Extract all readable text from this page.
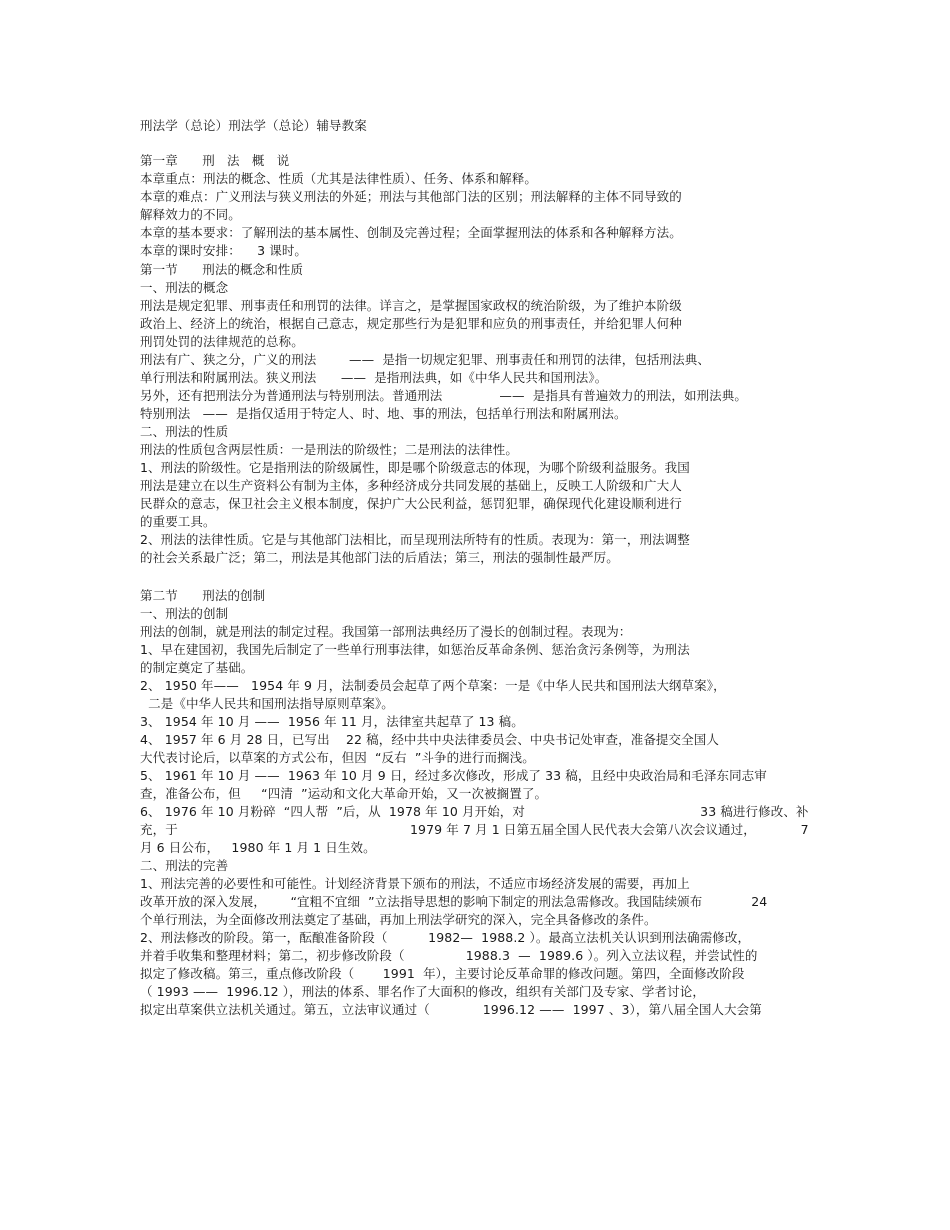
刑法学（总论）刑法学（总论）辅导教案
第一章      刑   法   概   说
本章重点：刑法的概念、性质（尤其是法律性质）、任务、体系和解释。
本章的难点：广义刑法与狭义刑法的外延；刑法与其他部门法的区别；刑法解释的主体不同导致的
解释效力的不同。
本章的基本要求：了解刑法的基本属性、创制及完善过程；全面掌握刑法的体系和各种解释方法。
本章的课时安排：    3 课时。
第一节      刑法的概念和性质
一、刑法的概念
刑法是规定犯罪、刑事责任和刑罚的法律。详言之，是掌握国家政权的统治阶级，为了维护本阶级
政治上、经济上的统治，根据自己意志，规定那些行为是犯罪和应负的刑事责任，并给犯罪人何种
刑罚处罚的法律规范的总称。
刑法有广、狭之分，广义的刑法        ——  是指一切规定犯罪、刑事责任和刑罚的法律，包括刑法典、
单行刑法和附属刑法。狭义刑法      ——  是指刑法典，如《中华人民共和国刑法》。
另外，还有把刑法分为普通刑法与特别刑法。普通刑法              ——  是指具有普遍效力的刑法，如刑法典。
特别刑法   ——  是指仅适用于特定人、时、地、事的刑法，包括单行刑法和附属刑法。
二、刑法的性质
刑法的性质包含两层性质：一是刑法的阶级性；二是刑法的法律性。
1、刑法的阶级性。它是指刑法的阶级属性，即是哪个阶级意志的体现，为哪个阶级利益服务。我国
刑法是建立在以生产资料公有制为主体，多种经济成分共同发展的基础上，反映工人阶级和广大人
民群众的意志，保卫社会主义根本制度，保护广大公民利益，惩罚犯罪，确保现代化建设顺利进行
的重要工具。
2、刑法的法律性质。它是与其他部门法相比，而呈现刑法所特有的性质。表现为：第一，刑法调整
的社会关系最广泛；第二，刑法是其他部门法的后盾法；第三，刑法的强制性最严厉。
第二节      刑法的创制
一、刑法的创制
刑法的创制，就是刑法的制定过程。我国第一部刑法典经历了漫长的创制过程。表现为：
1、早在建国初，我国先后制定了一些单行刑事法律，如惩治反革命条例、惩治贪污条例等，为刑法
的制定奠定了基础。
2、 1950 年——   1954 年 9 月，法制委员会起草了两个草案：一是《中华人民共和国刑法大纲草案》，
二是《中华人民共和国刑法指导原则草案》。
3、 1954 年 10 月 ——  1956 年 11 月，法律室共起草了 13 稿。
4、 1957 年 6 月 28 日，已写出    22 稿，经中共中央法律委员会、中央书记处审查，准备提交全国人
大代表讨论后，以草案的方式公布，但因  “反右  ”斗争的进行而搁浅。
5、 1961 年 10 月 ——  1963 年 10 月 9 日，经过多次修改，形成了 33 稿，且经中央政治局和毛泽东同志审
查，准备公布，但     “四清  ”运动和文化大革命开始，又一次被搁置了。
6、 1976 年 10 月粉碎  “四人帮  ”后，从  1978 年 10 月开始，对                                           33 稿进行修改、补
充，于                                                         1979 年 7 月 1 日第五届全国人民代表大会第八次会议通过，           7
月 6 日公布，   1980 年 1 月 1 日生效。
二、刑法的完善
1、刑法完善的必要性和可能性。计划经济背景下颁布的刑法，不适应市场经济发展的需要，再加上
改革开放的深入发展，      “宜粗不宜细  ”立法指导思想的影响下制定的刑法急需修改。我国陆续颁布            24
个单行刑法，为全面修改刑法奠定了基础，再加上刑法学研究的深入，完全具备修改的条件。
2、刑法修改的阶段。第一，酝酿准备阶段（          1982—  1988.2 ）。最高立法机关认识到刑法确需修改，
并着手收集和整理材料；第二，初步修改阶段（               1988.3  —  1989.6 ）。列入立法议程，并尝试性的
拟定了修改稿。第三，重点修改阶段（       1991  年），主要讨论反革命罪的修改问题。第四，全面修改阶段
（ 1993 ——  1996.12 ），刑法的体系、罪名作了大面积的修改，组织有关部门及专家、学者讨论，
拟定出草案供立法机关通过。第五，立法审议通过（             1996.12 ——  1997 、3），第八届全国人大会第
